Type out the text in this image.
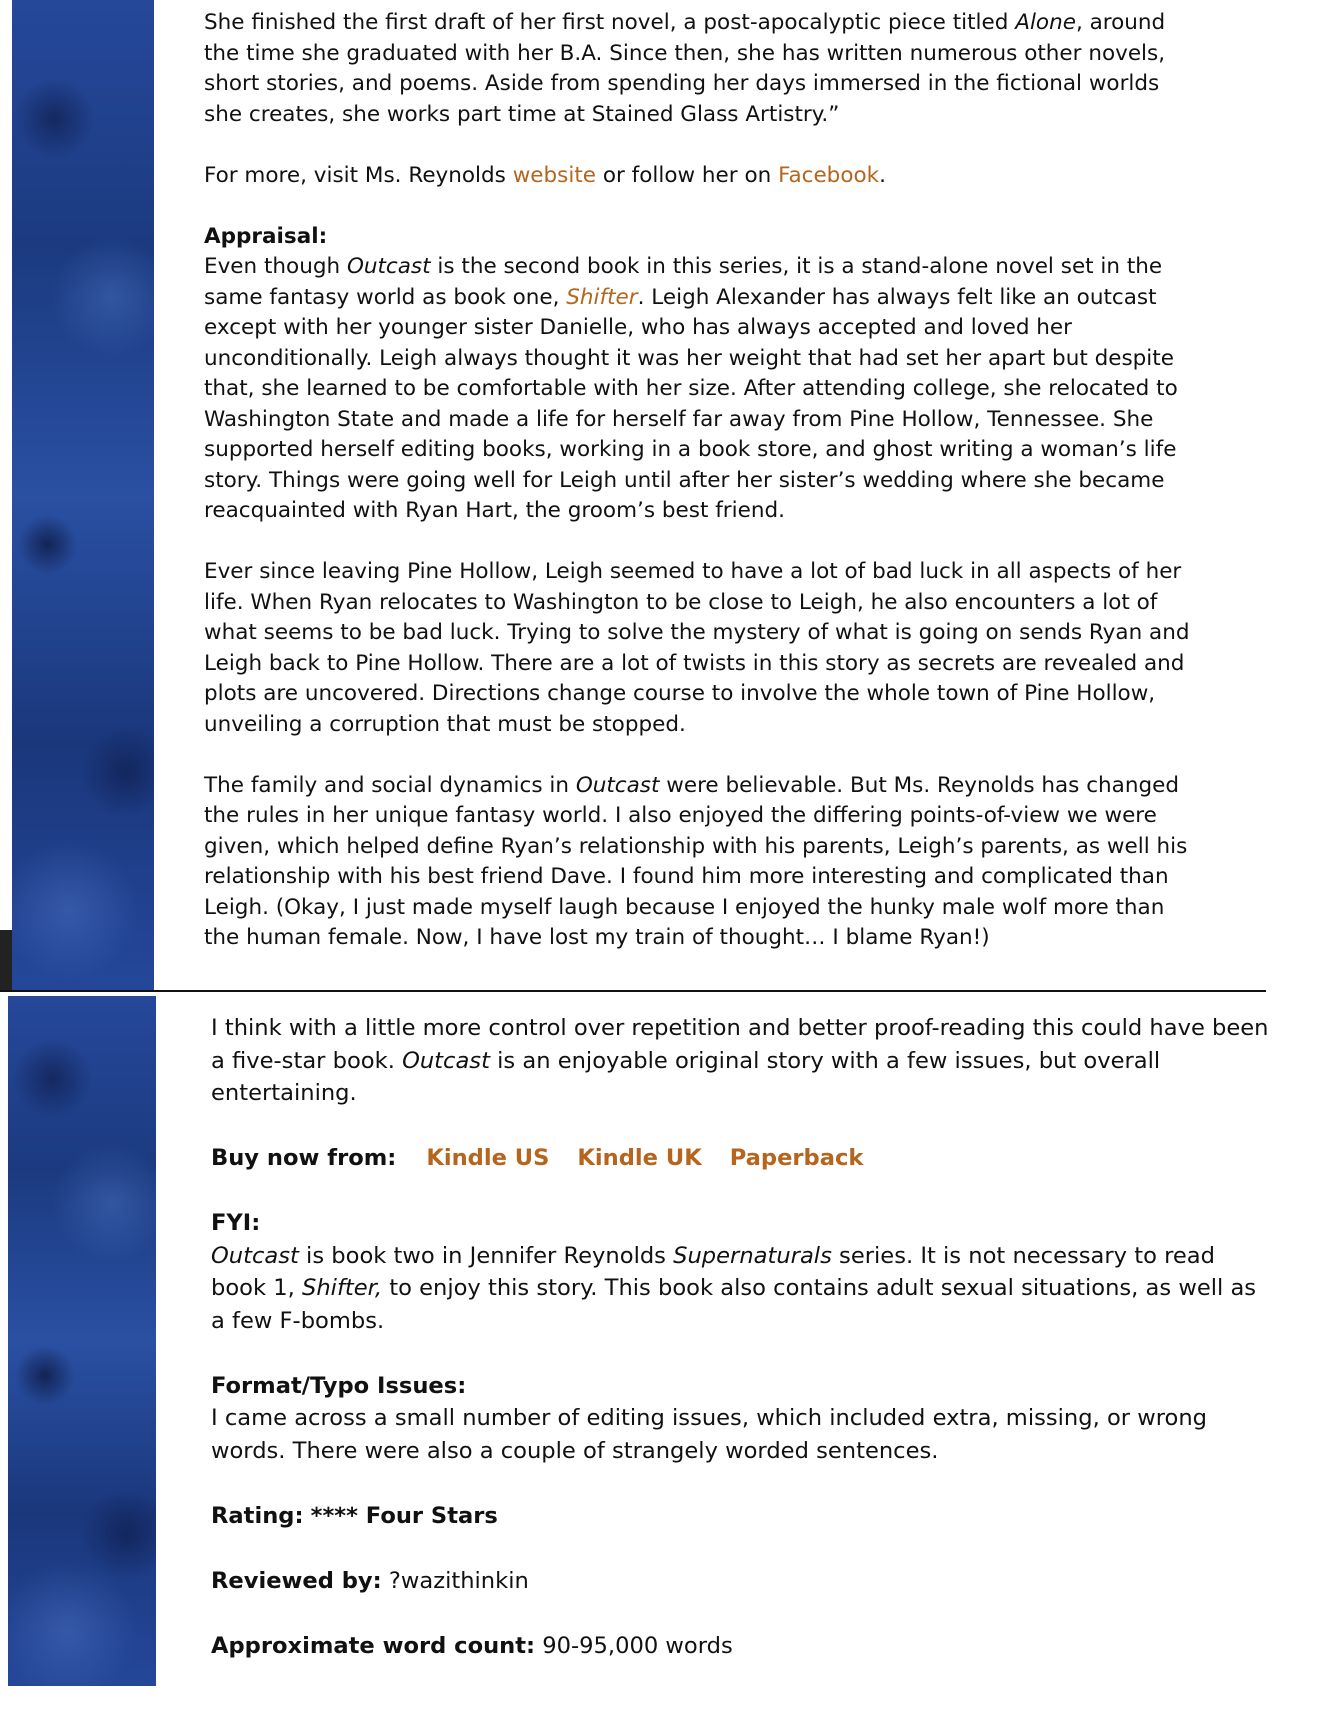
She finished the first draft of her first novel, a post-apocalyptic piece titled Alone, around the time she graduated with her B.A. Since then, she has written numerous other novels, short stories, and poems. Aside from spending her days immersed in the fictional worlds she creates, she works part time at Stained Glass Artistry.”

For more, visit Ms. Reynolds website or follow her on Facebook.

Appraisal:
Even though Outcast is the second book in this series, it is a stand-alone novel set in the same fantasy world as book one, Shifter. Leigh Alexander has always felt like an outcast except with her younger sister Danielle, who has always accepted and loved her unconditionally. Leigh always thought it was her weight that had set her apart but despite that, she learned to be comfortable with her size. After attending college, she relocated to Washington State and made a life for herself far away from Pine Hollow, Tennessee. She supported herself editing books, working in a book store, and ghost writing a woman’s life story. Things were going well for Leigh until after her sister’s wedding where she became reacquainted with Ryan Hart, the groom’s best friend.

Ever since leaving Pine Hollow, Leigh seemed to have a lot of bad luck in all aspects of her life. When Ryan relocates to Washington to be close to Leigh, he also encounters a lot of what seems to be bad luck. Trying to solve the mystery of what is going on sends Ryan and Leigh back to Pine Hollow. There are a lot of twists in this story as secrets are revealed and plots are uncovered. Directions change course to involve the whole town of Pine Hollow, unveiling a corruption that must be stopped.

The family and social dynamics in Outcast were believable. But Ms. Reynolds has changed the rules in her unique fantasy world. I also enjoyed the differing points-of-view we were given, which helped define Ryan’s relationship with his parents, Leigh’s parents, as well his relationship with his best friend Dave. I found him more interesting and complicated than Leigh. (Okay, I just made myself laugh because I enjoyed the hunky male wolf more than the human female. Now, I have lost my train of thought… I blame Ryan!)

I think with a little more control over repetition and better proof-reading this could have been a five-star book. Outcast is an enjoyable original story with a few issues, but overall entertaining.

Buy now from: Kindle US Kindle UK Paperback

FYI:
Outcast is book two in Jennifer Reynolds Supernaturals series. It is not necessary to read book 1, Shifter, to enjoy this story. This book also contains adult sexual situations, as well as a few F-bombs.

Format/Typo Issues:
I came across a small number of editing issues, which included extra, missing, or wrong words. There were also a couple of strangely worded sentences.

Rating: **** Four Stars

Reviewed by: ?wazithinkin

Approximate word count: 90-95,000 words
